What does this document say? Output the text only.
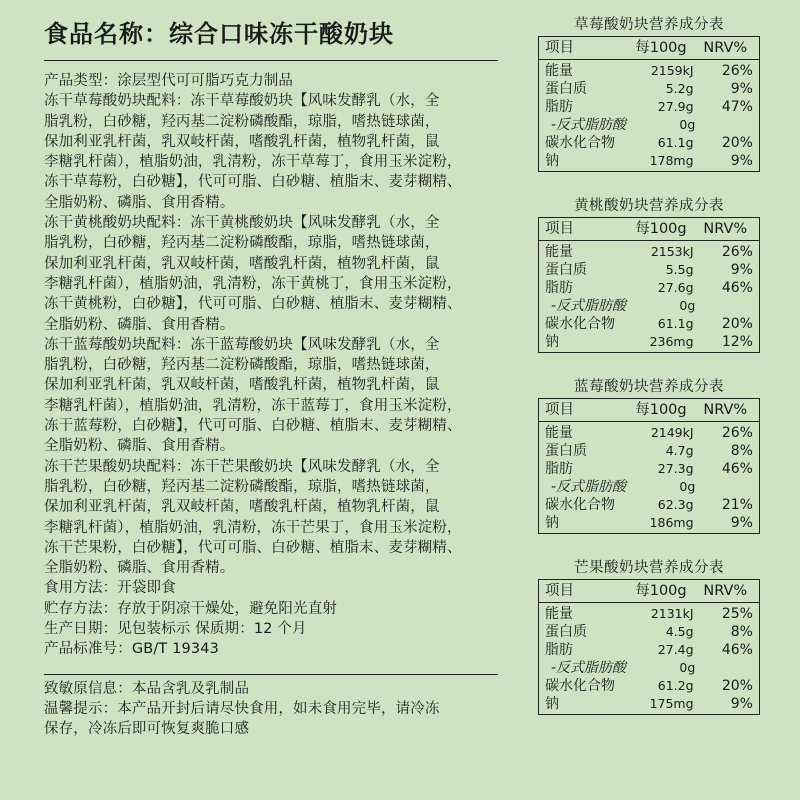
食品名称：综合口味冻干酸奶块
产品类型：涂层型代可可脂巧克力制品
冻干草莓酸奶块配料：冻干草莓酸奶块【风味发酵乳（水，全
脂乳粉，白砂糖，羟丙基二淀粉磷酸酯，琼脂，嗜热链球菌，
保加利亚乳杆菌，乳双岐杆菌，嗜酸乳杆菌，植物乳杆菌，鼠
李糖乳杆菌），植脂奶油，乳清粉，冻干草莓丁，食用玉米淀粉，
冻干草莓粉，白砂糖】，代可可脂、白砂糖、植脂末、麦芽糊精、
全脂奶粉、磷脂、食用香精。
冻干黄桃酸奶块配料：冻干黄桃酸奶块【风味发酵乳（水，全
脂乳粉，白砂糖，羟丙基二淀粉磷酸酯，琼脂，嗜热链球菌，
保加利亚乳杆菌，乳双岐杆菌，嗜酸乳杆菌，植物乳杆菌，鼠
李糖乳杆菌），植脂奶油，乳清粉，冻干黄桃丁，食用玉米淀粉，
冻干黄桃粉，白砂糖】，代可可脂、白砂糖、植脂末、麦芽糊精、
全脂奶粉、磷脂、食用香精。
冻干蓝莓酸奶块配料：冻干蓝莓酸奶块【风味发酵乳（水，全
脂乳粉，白砂糖，羟丙基二淀粉磷酸酯，琼脂，嗜热链球菌，
保加利亚乳杆菌，乳双岐杆菌，嗜酸乳杆菌，植物乳杆菌，鼠
李糖乳杆菌），植脂奶油，乳清粉，冻干蓝莓丁，食用玉米淀粉，
冻干蓝莓粉，白砂糖】，代可可脂、白砂糖、植脂末、麦芽糊精、
全脂奶粉、磷脂、食用香精。
冻干芒果酸奶块配料：冻干芒果酸奶块【风味发酵乳（水，全
脂乳粉，白砂糖，羟丙基二淀粉磷酸酯，琼脂，嗜热链球菌，
保加利亚乳杆菌，乳双岐杆菌，嗜酸乳杆菌，植物乳杆菌，鼠
李糖乳杆菌），植脂奶油，乳清粉，冻干芒果丁，食用玉米淀粉，
冻干芒果粉，白砂糖】，代可可脂、白砂糖、植脂末、麦芽糊精、
全脂奶粉、磷脂、食用香精。
食用方法：开袋即食
贮存方法：存放于阴凉干燥处，避免阳光直射
生产日期：见包装标示 保质期：12 个月
产品标准号：GB/T 19343
致敏原信息：本品含乳及乳制品
温馨提示：本产品开封后请尽快食用，如未食用完毕，请冷冻
保存，冷冻后即可恢复爽脆口感
草莓酸奶块营养成分表
项目	每100g	NRV%
能量	2159kJ	26%
蛋白质	5.2g	9%
脂肪	27.9g	47%
-反式脂肪酸	0g
碳水化合物	61.1g	20%
钠	178mg	9%
黄桃酸奶块营养成分表
项目	每100g	NRV%
能量	2153kJ	26%
蛋白质	5.5g	9%
脂肪	27.6g	46%
-反式脂肪酸	0g
碳水化合物	61.1g	20%
钠	236mg	12%
蓝莓酸奶块营养成分表
项目	每100g	NRV%
能量	2149kJ	26%
蛋白质	4.7g	8%
脂肪	27.3g	46%
-反式脂肪酸	0g
碳水化合物	62.3g	21%
钠	186mg	9%
芒果酸奶块营养成分表
项目	每100g	NRV%
能量	2131kJ	25%
蛋白质	4.5g	8%
脂肪	27.4g	46%
-反式脂肪酸	0g
碳水化合物	61.2g	20%
钠	175mg	9%
